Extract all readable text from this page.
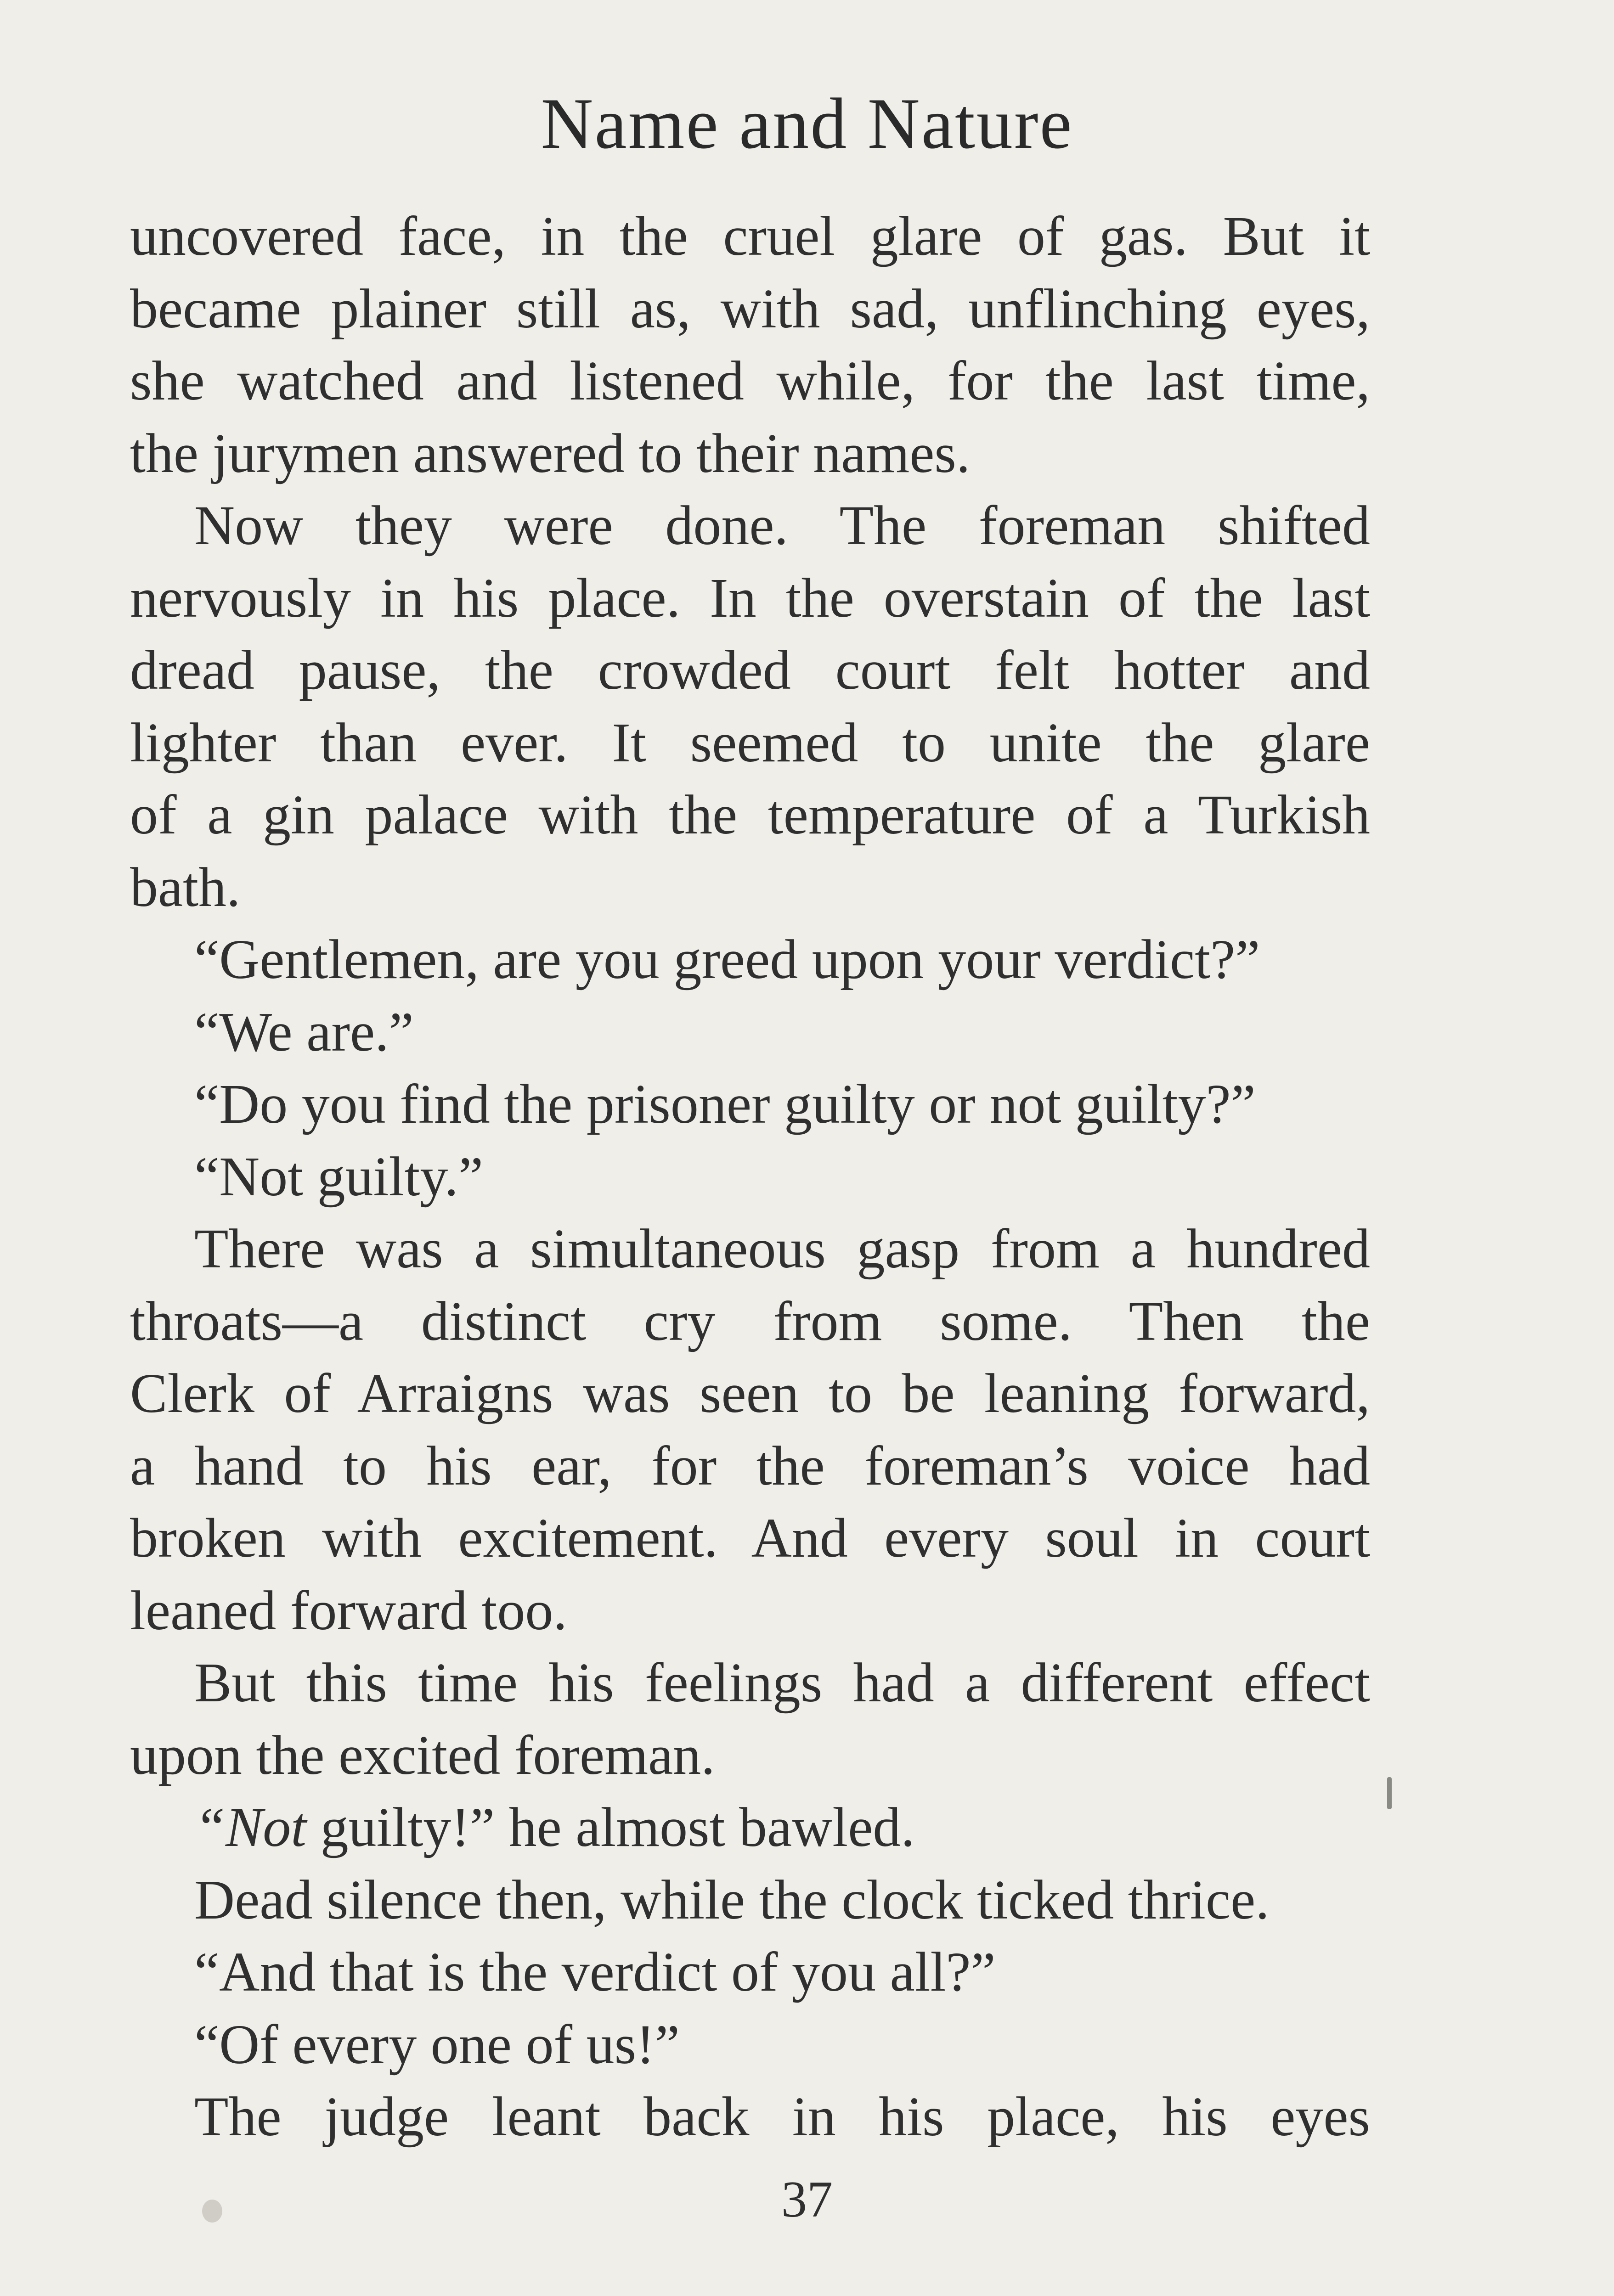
Name and Nature
uncovered face, in the cruel glare of gas. But it
became plainer still as, with sad, unflinching eyes,
she watched and listened while, for the last time,
the jurymen answered to their names.
Now they were done. The foreman shifted
nervously in his place. In the overstain of the last
dread pause, the crowded court felt hotter and
lighter than ever. It seemed to unite the glare
of a gin palace with the temperature of a Turkish
bath.
“Gentlemen, are you greed upon your verdict?”
“We are.”
“Do you find the prisoner guilty or not guilty?”
“Not guilty.”
There was a simultaneous gasp from a hundred
throats—a distinct cry from some. Then the
Clerk of Arraigns was seen to be leaning forward,
a hand to his ear, for the foreman’s voice had
broken with excitement. And every soul in court
leaned forward too.
But this time his feelings had a different effect
upon the excited foreman.
“Not guilty!” he almost bawled.
Dead silence then, while the clock ticked thrice.
“And that is the verdict of you all?”
“Of every one of us!”
The judge leant back in his place, his eyes
37
